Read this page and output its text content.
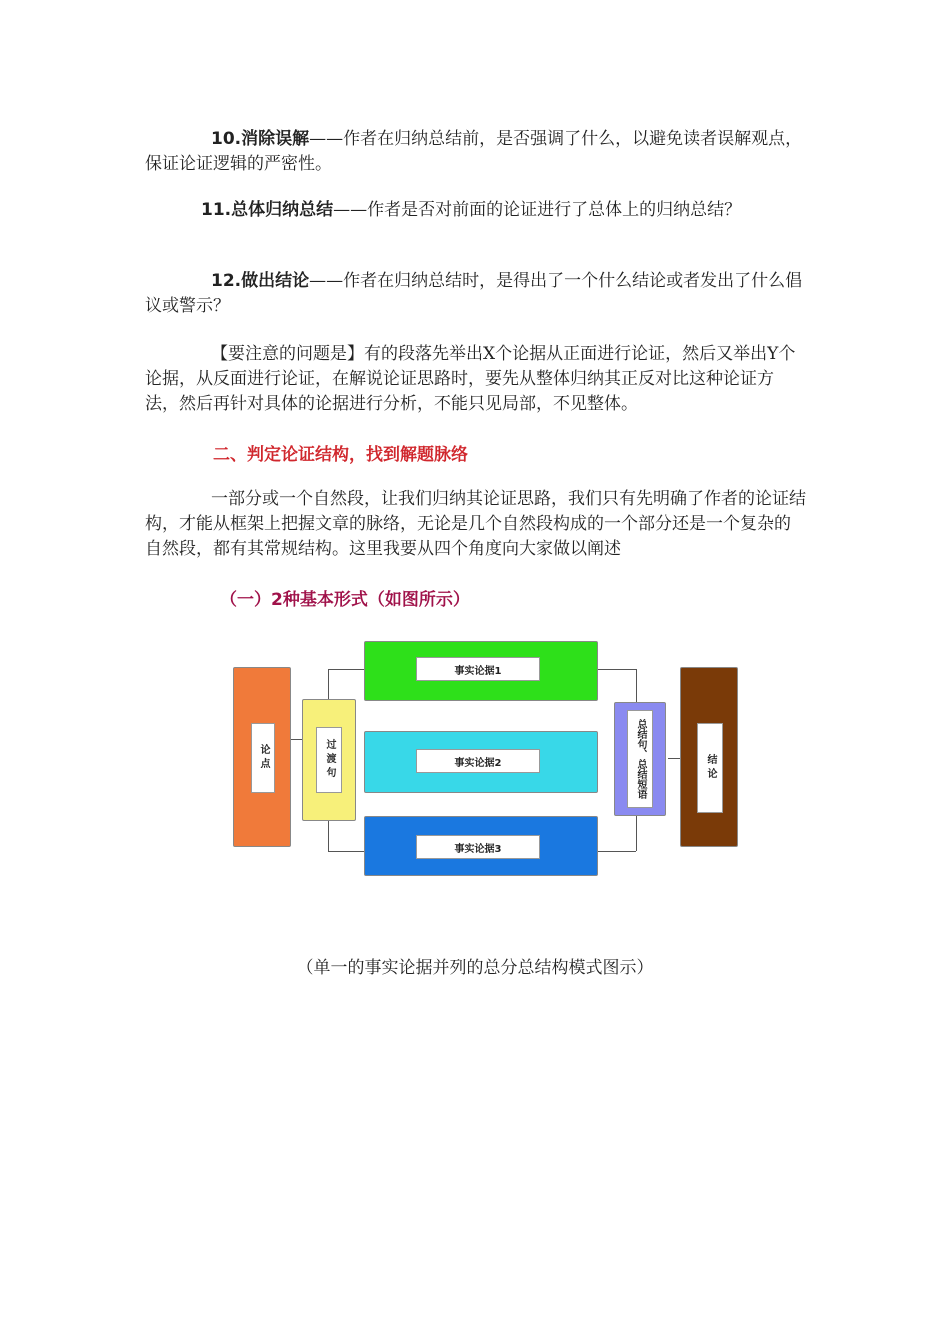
10.消除误解——作者在归纳总结前，是否强调了什么，以避免读者误解观点，保证论证逻辑的严密性。

11.总体归纳总结——作者是否对前面的论证进行了总体上的归纳总结？

12.做出结论——作者在归纳总结时，是得出了一个什么结论或者发出了什么倡议或警示？

【要注意的问题是】有的段落先举出X个论据从正面进行论证，然后又举出Y个论据，从反面进行论证，在解说论证思路时，要先从整体归纳其正反对比这种论证方法，然后再针对具体的论据进行分析，不能只见局部，不见整体。

二、判定论证结构，找到解题脉络

一部分或一个自然段，让我们归纳其论证思路，我们只有先明确了作者的论证结构，才能从框架上把握文章的脉络，无论是几个自然段构成的一个部分还是一个复杂的自然段，都有其常规结构。这里我要从四个角度向大家做以阐述

（一）2种基本形式（如图所示）

论点	过渡句
事实论据1
事实论据2
事实论据3
总结句、总结短语	结论

（单一的事实论据并列的总分总结构模式图示）
